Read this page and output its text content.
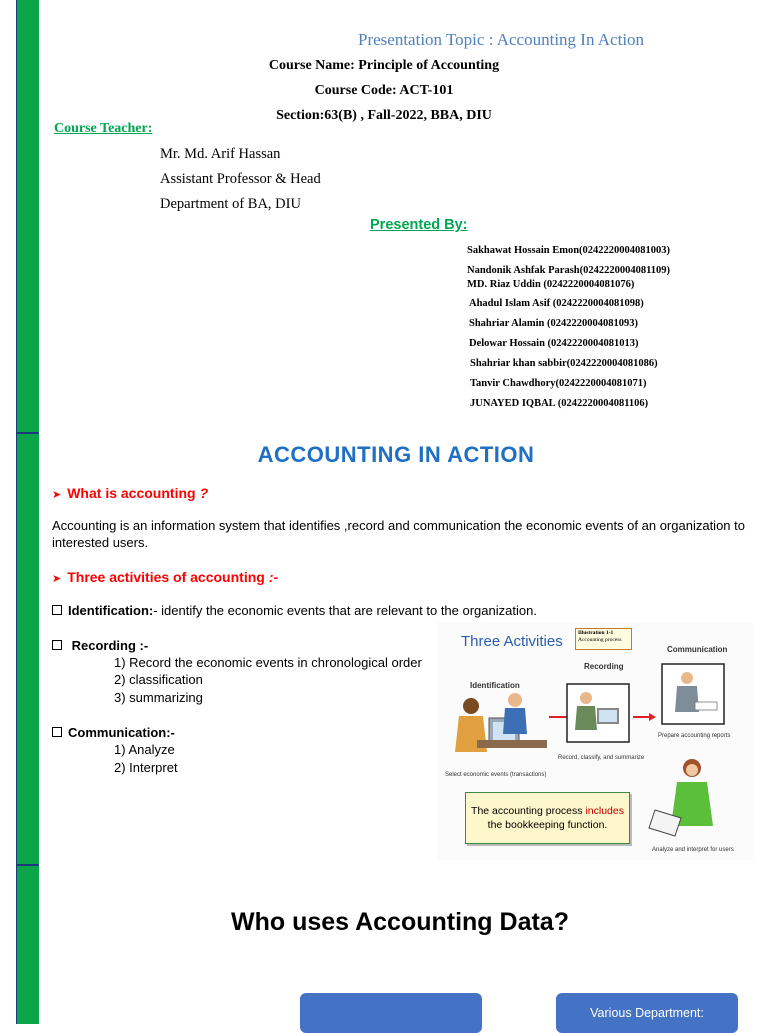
Presentation Topic : Accounting In Action
Course Name: Principle of Accounting
Course Code: ACT-101
Section:63(B) , Fall-2022, BBA, DIU
Course Teacher:
Mr. Md. Arif Hassan
Assistant Professor & Head
Department of BA, DIU
Presented By:
Sakhawat Hossain Emon(0242220004081003)
Nandonik Ashfak Parash(0242220004081109)
MD. Riaz Uddin (0242220004081076)
Ahadul Islam Asif (0242220004081098)
Shahriar Alamin (0242220004081093)
Delowar Hossain (0242220004081013)
Shahriar khan sabbir(0242220004081086)
Tanvir Chawdhory(0242220004081071)
JUNAYED IQBAL (0242220004081106)
ACCOUNTING IN ACTION
➤ What is accounting ?
Accounting is an information system that identifies ,record and communication the economic events of an organization to interested users.
➤ Three activities of accounting :-
Identification:- identify the economic events that are relevant to the organization.
Recording :-
1) Record the economic events in chronological order
2) classification
3) summarizing
Communication:-
1) Analyze
2) Interpret
Three Activities	Illustration 1-1
Accounting process
Recording
Communication
Identification
Select economic events (transactions)
Record, classify, and summarize
Prepare accounting reports
The accounting process includes
the bookkeeping function.
Analyze and interpret for users
Who uses Accounting Data?
Various Department:
